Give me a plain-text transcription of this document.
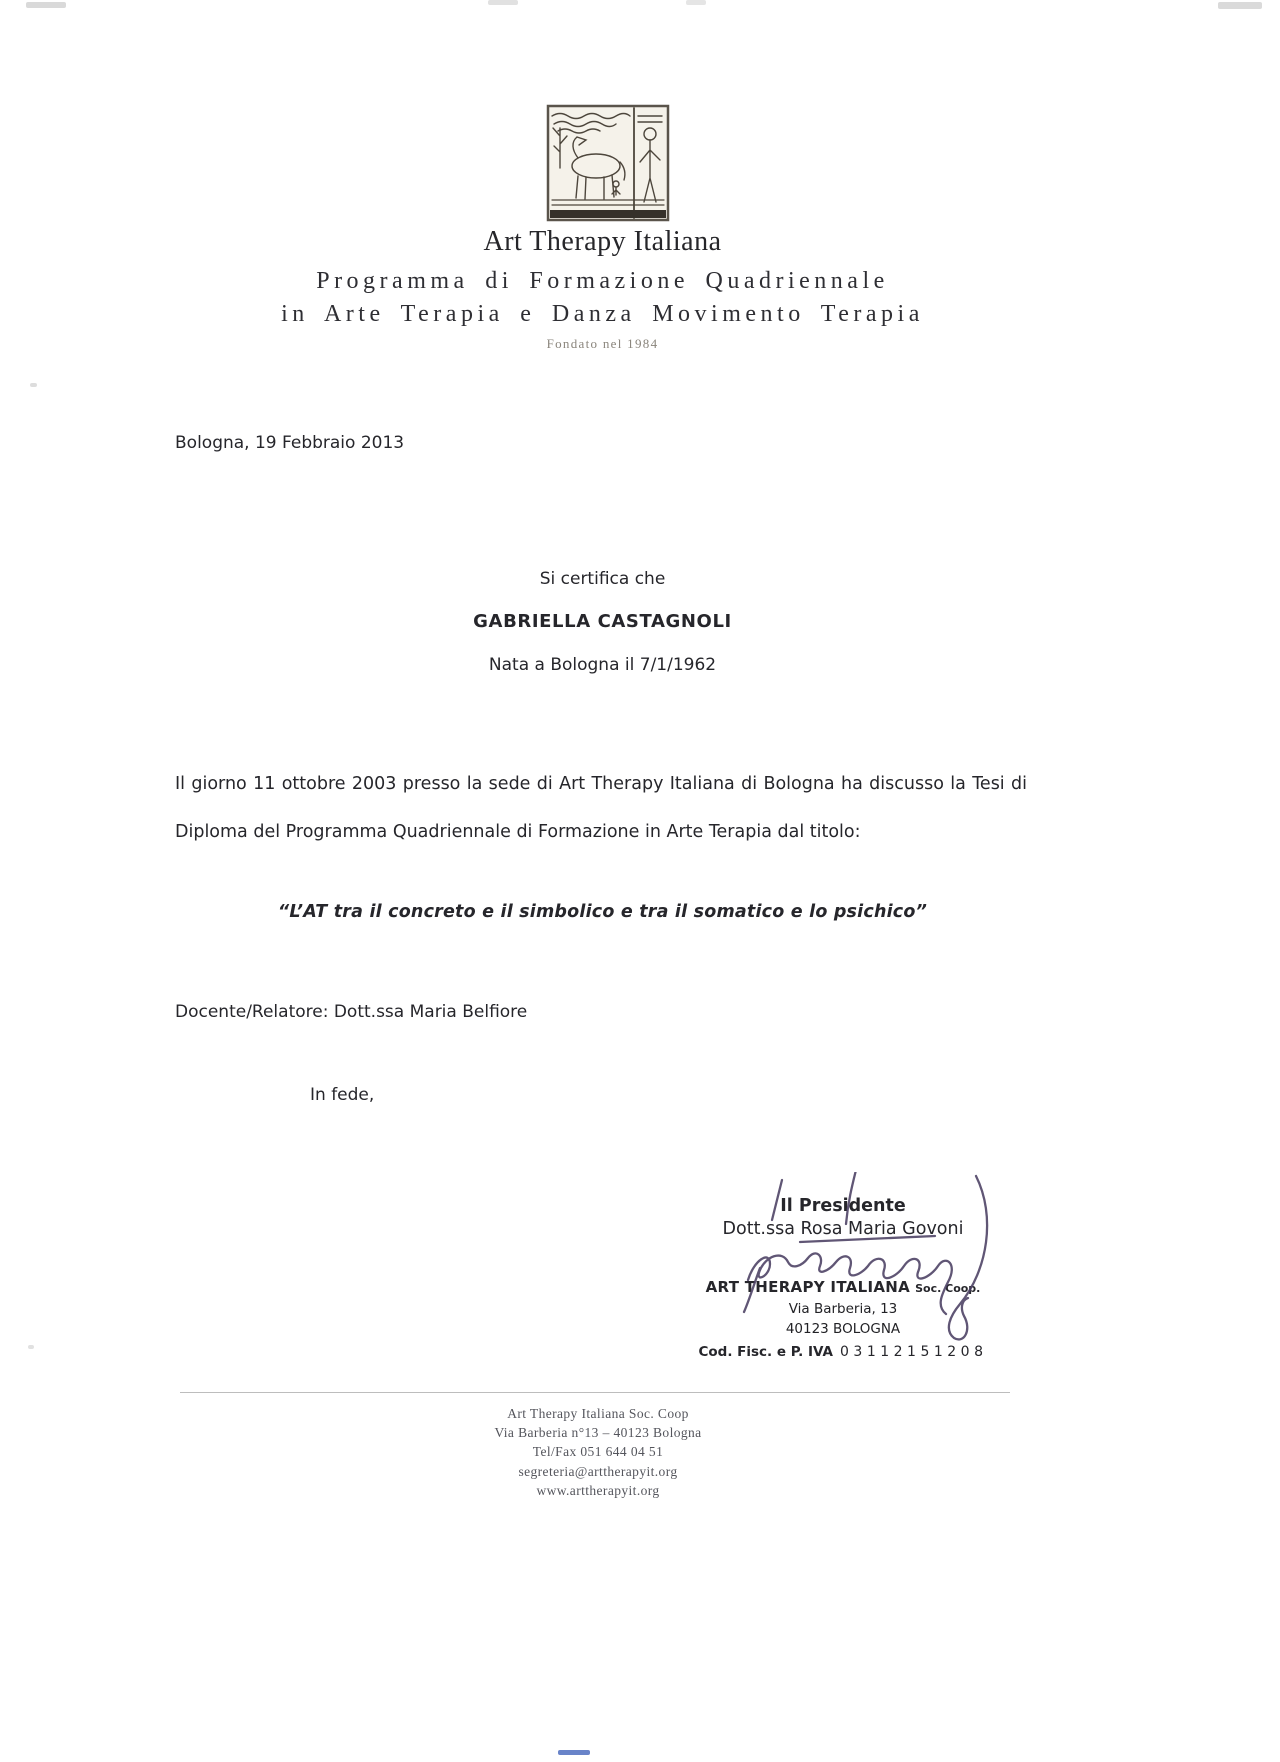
Art Therapy Italiana
Programma di Formazione Quadriennale
in Arte Terapia e Danza Movimento Terapia
Fondato nel 1984
Bologna, 19 Febbraio 2013
Si certifica che
GABRIELLA CASTAGNOLI
Nata a Bologna il 7/1/1962

Il giorno 11 ottobre 2003 presso la sede di Art Therapy Italiana di Bologna ha discusso la Tesi di Diploma del Programma Quadriennale di Formazione in Arte Terapia dal titolo:

“L’AT tra il concreto e il simbolico e tra il somatico e lo psichico”
Docente/Relatore: Dott.ssa Maria Belfiore
In fede,
Il Presidente
Dott.ssa Rosa Maria Govoni
ART THERAPY ITALIANA Soc. Coop.
Via Barberia, 13
40123 BOLOGNA
Cod. Fisc. e P. IVA 03112151208
Art Therapy Italiana Soc. Coop
Via Barberia n°13 – 40123 Bologna
Tel/Fax 051 644 04 51
segreteria@arttherapyit.org
www.arttherapyit.org
